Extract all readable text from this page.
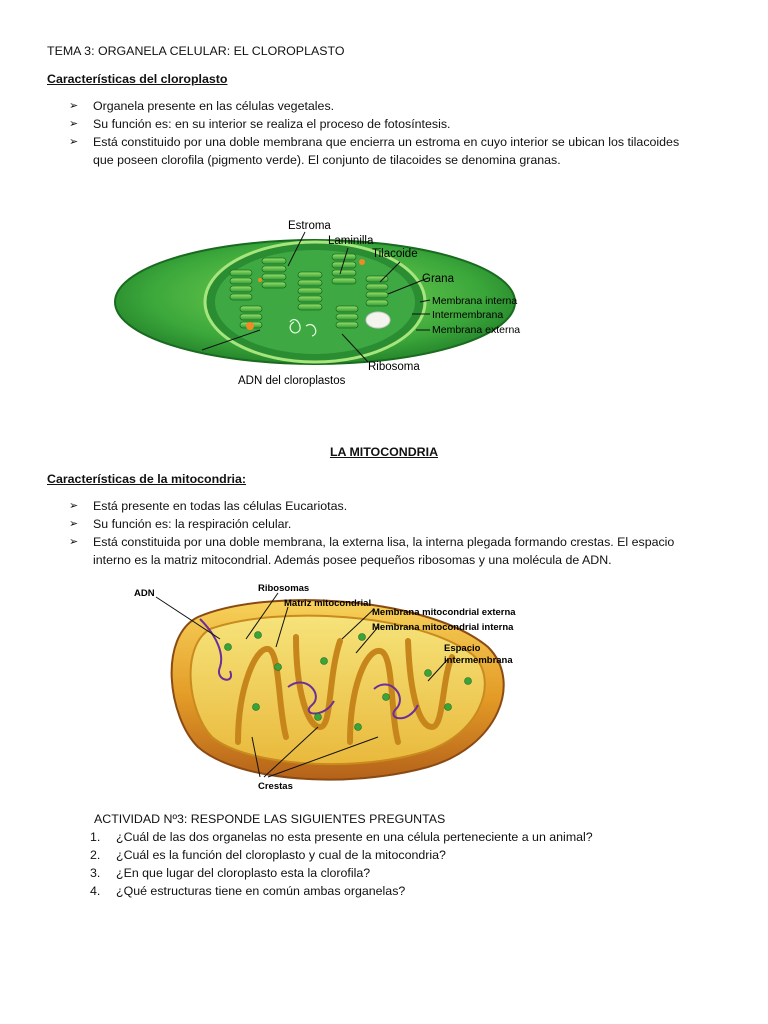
TEMA 3: ORGANELA CELULAR: EL CLOROPLASTO
Características del cloroplasto
➢ Organela presente en las células vegetales.
➢ Su función es: en su interior se realiza el proceso de fotosíntesis.
➢ Está constituido por una doble membrana que encierra un estroma en cuyo interior se ubican los tilacoides
que poseen clorofila (pigmento verde). El conjunto de tilacoides se denomina granas.
Estroma
Laminilla
Tilacoide
Grana
Membrana interna
Intermembrana
Membrana externa
Ribosoma
ADN del cloroplastos
LA MITOCONDRIA
Características de la mitocondria:
➢ Está presente en todas las células Eucariotas.
➢ Su función es: la respiración celular.
➢ Está constituida por una doble membrana, la externa lisa, la interna plegada formando crestas. El espacio
interno es la matriz mitocondrial. Además posee pequeños ribosomas y una molécula de ADN.
ADN	Ribosomas
Matriz mitocondrial
Membrana mitocondrial externa
Membrana mitocondrial interna
Espacio
intermembrana
Crestas
ACTIVIDAD Nº3: RESPONDE LAS SIGUIENTES PREGUNTAS
1. ¿Cuál de las dos organelas no esta presente en una célula perteneciente a un animal?
2. ¿Cuál es la función del cloroplasto y cual de la mitocondria?
3. ¿En que lugar del cloroplasto esta la clorofila?
4. ¿Qué estructuras tiene en común ambas organelas?
